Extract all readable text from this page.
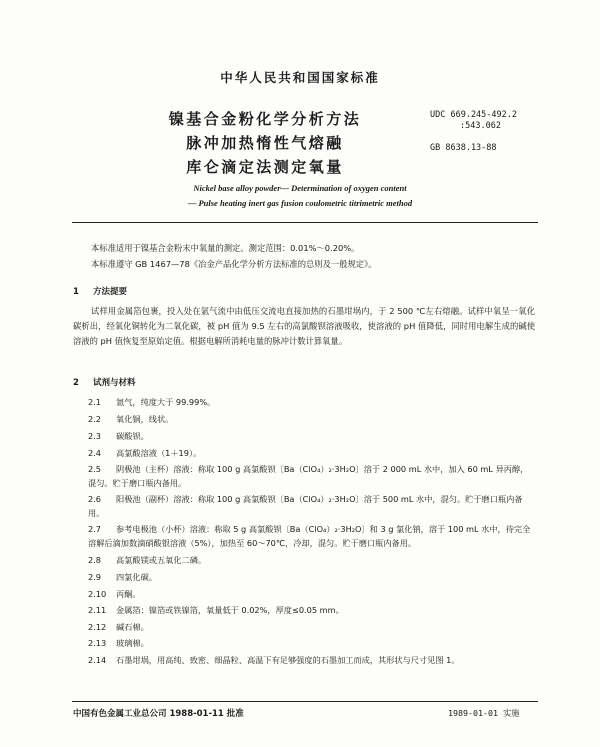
中华人民共和国国家标准
镍基合金粉化学分析方法
脉冲加热惰性气熔融
库仑滴定法测定氧量
UDC 669.245-492.2
:543.062
GB 8638.13-88
Nickel base alloy powder— Determination of oxygen content
— Pulse heating inert gas fusion coulometric titrimetric method
本标准适用于镍基合金粉末中氧量的测定。测定范围：0.01%～0.20%。
本标准遵守 GB 1467—78《冶金产品化学分析方法标准的总则及一般规定》。
1 方法提要
试样用金属箔包裹，投入处在氩气流中由低压交流电直接加热的石墨坩埚内，于 2 500 ℃左右熔融。试样中氧呈一氧化碳析出，经氧化铜转化为二氧化碳，被 pH 值为 9.5 左右的高氯酸钡溶液吸收，使溶液的 pH 值降低，同时用电解生成的碱使溶液的 pH 值恢复至原始定值。根据电解所消耗电量的脉冲计数计算氧量。
2 试剂与材料
2.1 氩气，纯度大于 99.99%。
2.2 氧化铜，线状。
2.3 碳酸钡。
2.4 高氯酸溶液（1＋19）。
2.5 阴极池（主杯）溶液：称取 100 g 高氯酸钡〔Ba（ClO₄）₂·3H₂O〕溶于 2 000 mL 水中，加入 60 mL 异丙醇，混匀。贮于磨口瓶内备用。
2.6 阳极池（副杯）溶液：称取 100 g 高氯酸钡〔Ba（ClO₄）₂·3H₂O〕溶于 500 mL 水中，混匀。贮于磨口瓶内备用。
2.7 参考电极池（小杯）溶液：称取 5 g 高氯酸钡〔Ba（ClO₄）₂·3H₂O〕和 3 g 氯化钠，溶于 100 mL 水中，待完全溶解后滴加数滴硝酸银溶液（5%），加热至 60～70℃，冷却，混匀。贮于磨口瓶内备用。
2.8 高氯酸镁或五氧化二磷。
2.9 四氯化碳。
2.10 丙酮。
2.11 金属箔：镍箔或铁镍箔，氧量低于 0.02%，厚度≤0.05 mm。
2.12 碱石棉。
2.13 玻璃棉。
2.14 石墨坩埚，用高纯、致密、细晶粒、高温下有足够强度的石墨加工而成，其形状与尺寸见图 1。
中国有色金属工业总公司 1988-01-11 批准	1989-01-01 实施
